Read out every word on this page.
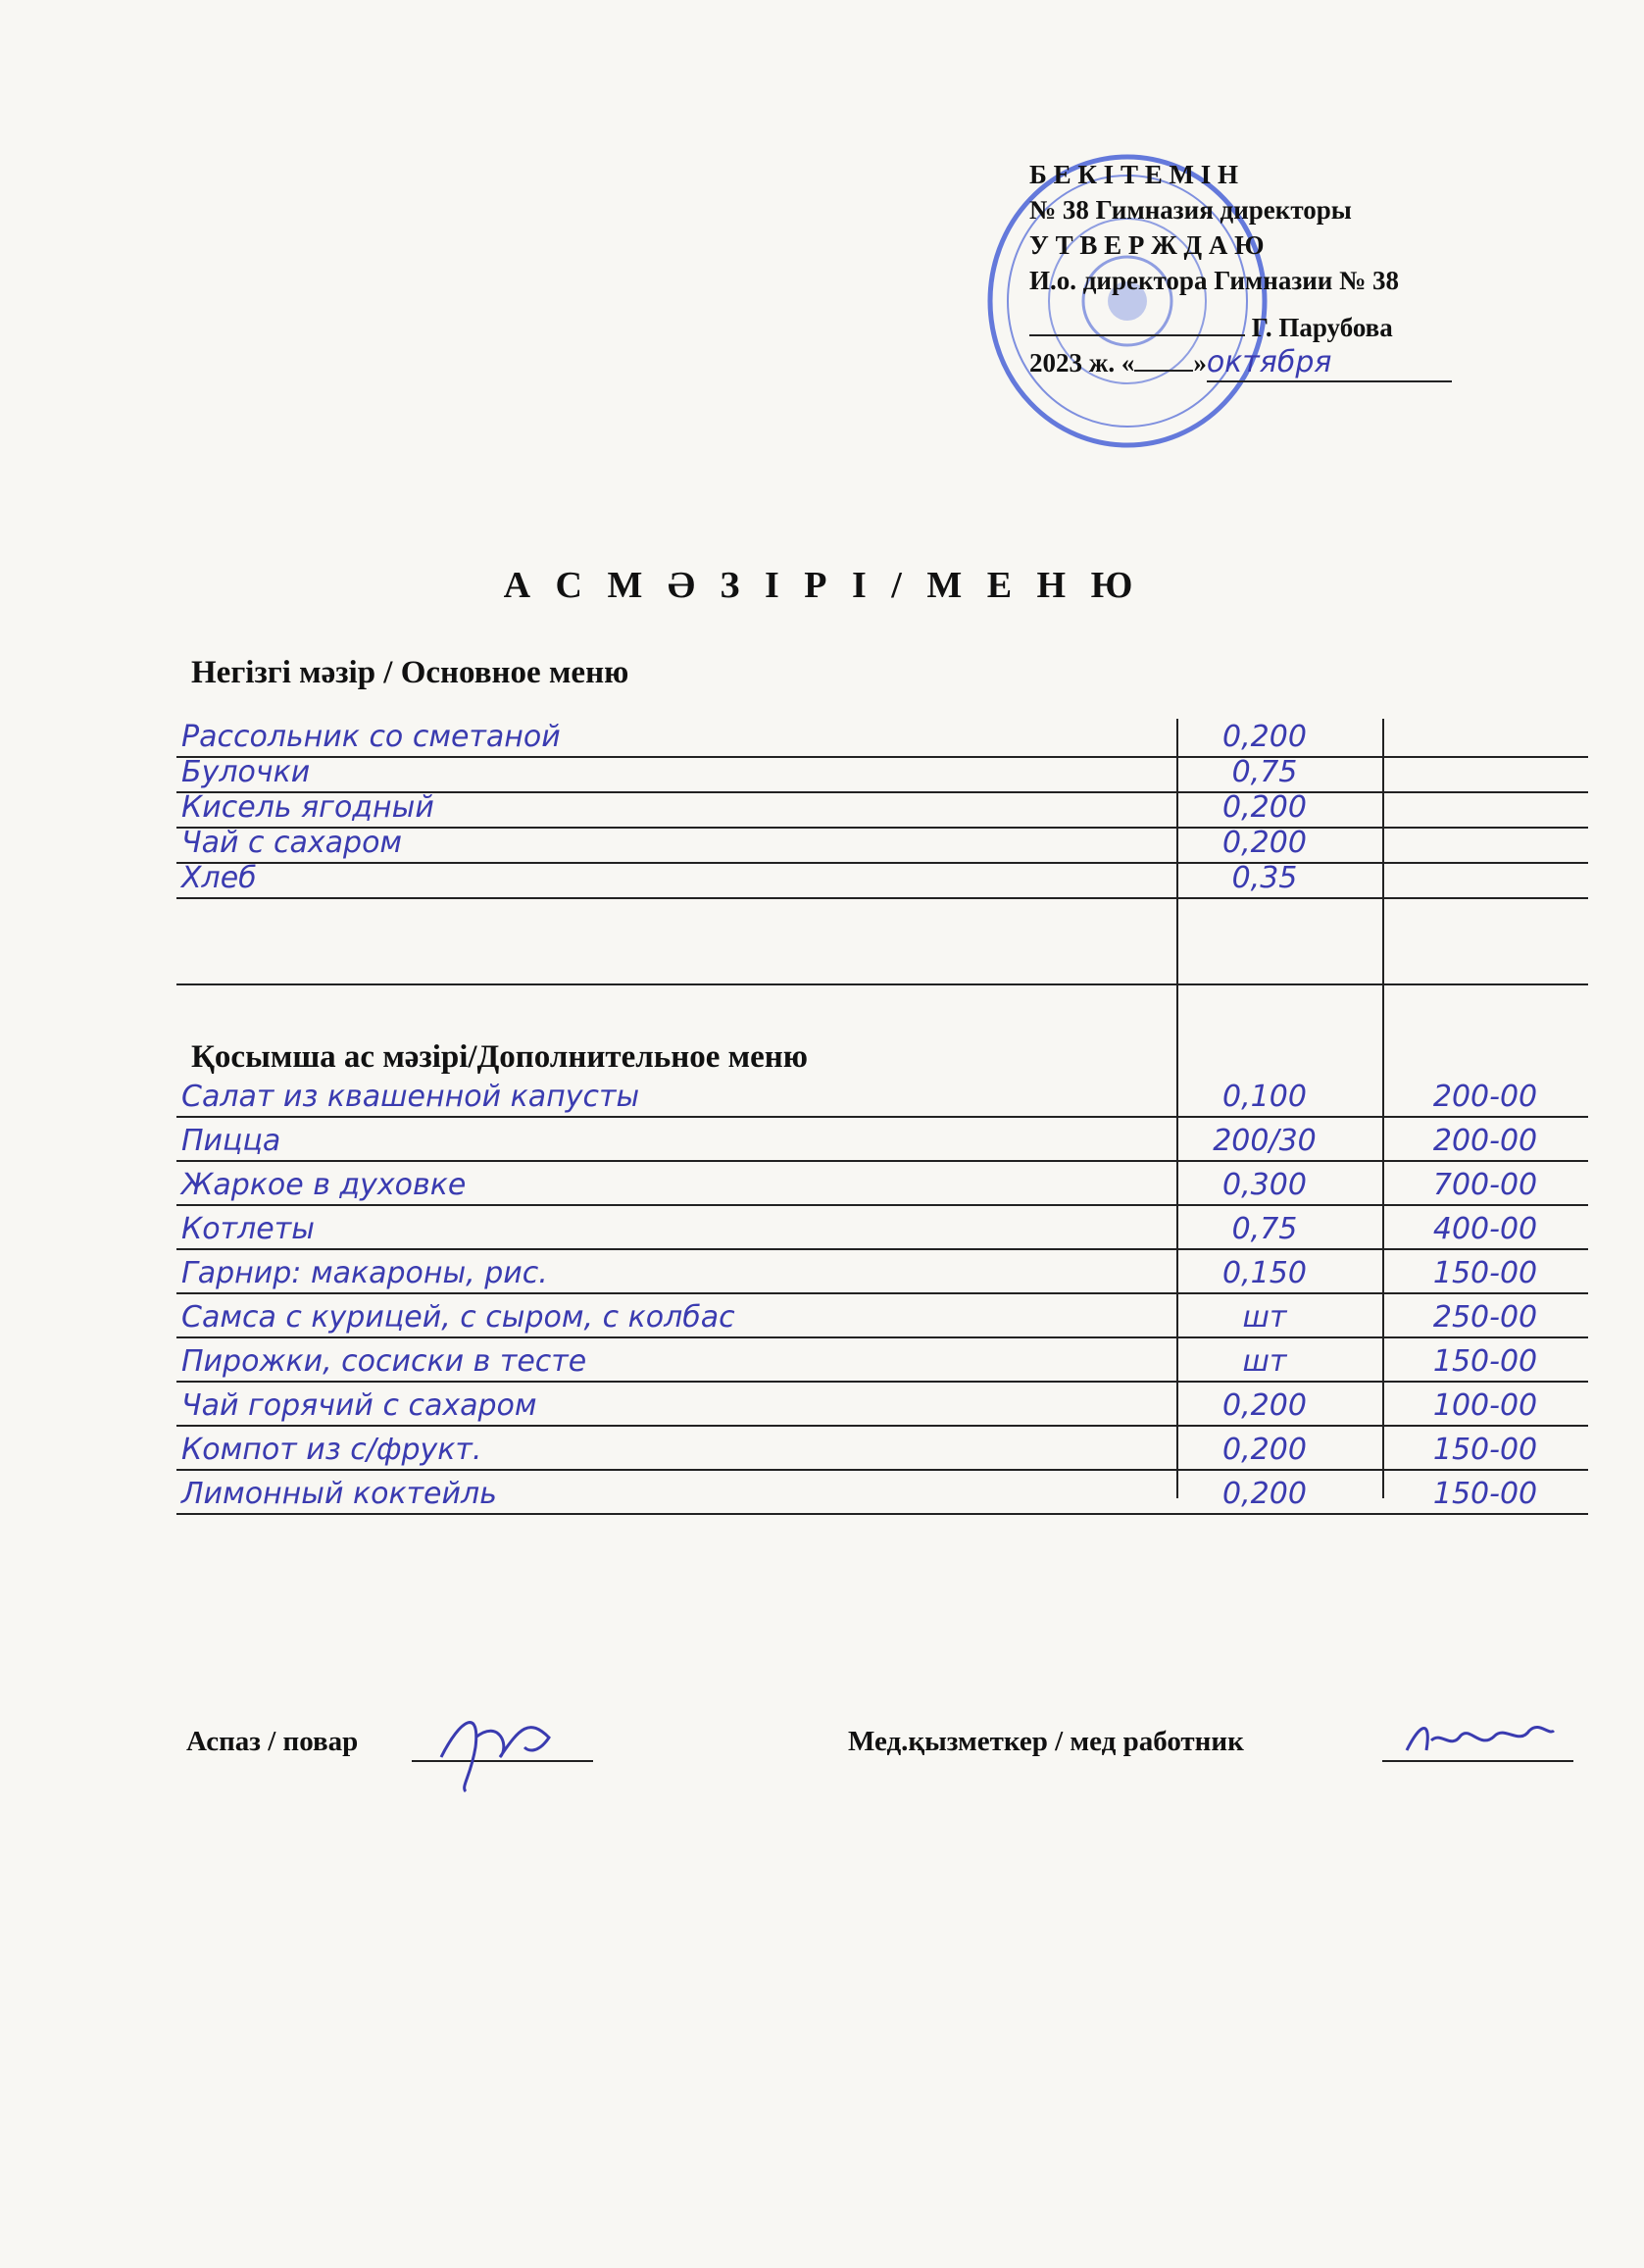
Б Е К І Т Е М І Н
№ 38 Гимназия директоры
У Т В Е Р Ж Д А Ю
И.о. директора Гимназии № 38
Г. Парубова
2023 ж. « »октября
А С М Ә З І Р І / М Е Н Ю
Негізгі мәзір / Основное меню
Рассольник со сметаной	0,200
Булочки	0,75
Кисель ягодный	0,200
Чай с сахаром	0,200
Хлеб	0,35
Қосымша ас мәзірі/Дополнительное меню
Салат из квашенной капусты	0,100	200-00
Пицца	200/30	200-00
Жаркое в духовке	0,300	700-00
Котлеты	0,75	400-00
Гарнир: макароны, рис.	0,150	150-00
Самса с курицей, с сыром, с колбас	шт	250-00
Пирожки, сосиски в тесте	шт	150-00
Чай горячий с сахаром	0,200	100-00
Компот из с/фрукт.	0,200	150-00
Лимонный коктейль	0,200	150-00
Аспаз / повар	Мед.қызметкер / мед работник
